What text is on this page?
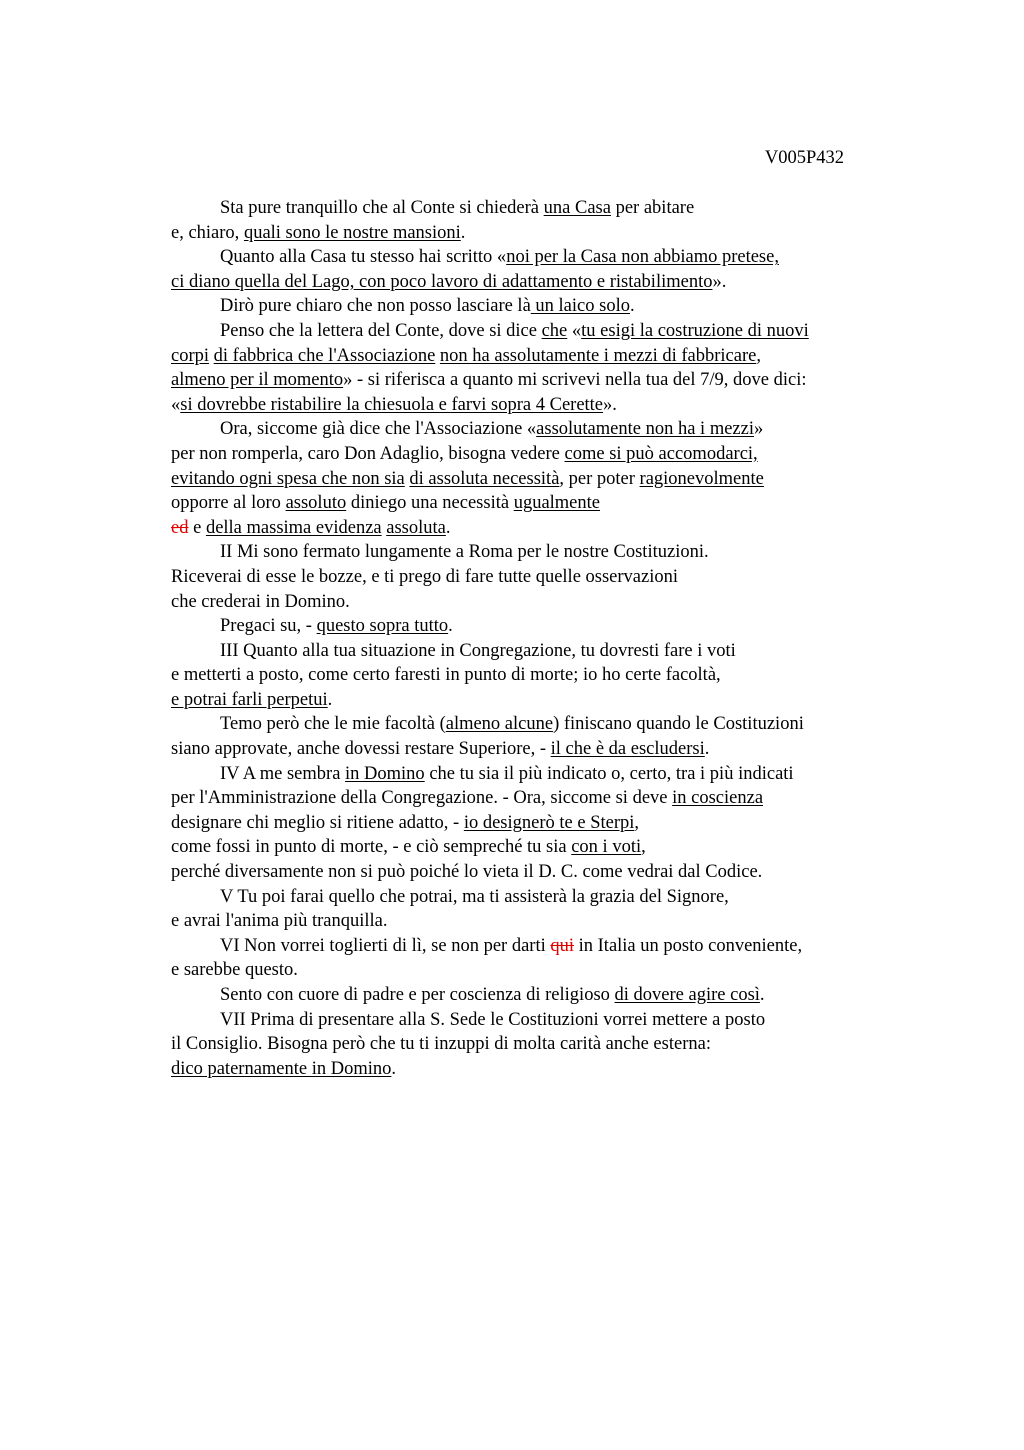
V005P432
Sta pure tranquillo che al Conte si chiederà una Casa per abitare
e, chiaro, quali sono le nostre mansioni.
Quanto alla Casa tu stesso hai scritto «noi per la Casa non abbiamo pretese,
ci diano quella del Lago, con poco lavoro di adattamento e ristabilimento».
Dirò pure chiaro che non posso lasciare là un laico solo.
Penso che la lettera del Conte, dove si dice che «tu esigi la costruzione di nuovi
corpi di fabbrica che l'Associazione non ha assolutamente i mezzi di fabbricare,
almeno per il momento» - si riferisca a quanto mi scrivevi nella tua del 7/9, dove dici:
«si dovrebbe ristabilire la chiesuola e farvi sopra 4 Cerette».
Ora, siccome già dice che l'Associazione «assolutamente non ha i mezzi»
per non romperla, caro Don Adaglio, bisogna vedere come si può accomodarci,
evitando ogni spesa che non sia di assoluta necessità, per poter ragionevolmente
opporre al loro assoluto diniego una necessità ugualmente
ed e della massima evidenza assoluta.
II Mi sono fermato lungamente a Roma per le nostre Costituzioni.
Riceverai di esse le bozze, e ti prego di fare tutte quelle osservazioni
che crederai in Domino.
Pregaci su, - questo sopra tutto.
III Quanto alla tua situazione in Congregazione, tu dovresti fare i voti
e metterti a posto, come certo faresti in punto di morte; io ho certe facoltà,
e potrai farli perpetui.
Temo però che le mie facoltà (almeno alcune) finiscano quando le Costituzioni
siano approvate, anche dovessi restare Superiore, - il che è da escludersi.
IV A me sembra in Domino che tu sia il più indicato o, certo, tra i più indicati
per l'Amministrazione della Congregazione. - Ora, siccome si deve in coscienza
designare chi meglio si ritiene adatto, - io designerò te e Sterpi,
come fossi in punto di morte, - e ciò sempreché tu sia con i voti,
perché diversamente non si può poiché lo vieta il D. C. come vedrai dal Codice.
V Tu poi farai quello che potrai, ma ti assisterà la grazia del Signore,
e avrai l'anima più tranquilla.
VI Non vorrei toglierti di lì, se non per darti qui in Italia un posto conveniente,
e sarebbe questo.
Sento con cuore di padre e per coscienza di religioso di dovere agire così.
VII Prima di presentare alla S. Sede le Costituzioni vorrei mettere a posto
il Consiglio. Bisogna però che tu ti inzuppi di molta carità anche esterna:
dico paternamente in Domino.
